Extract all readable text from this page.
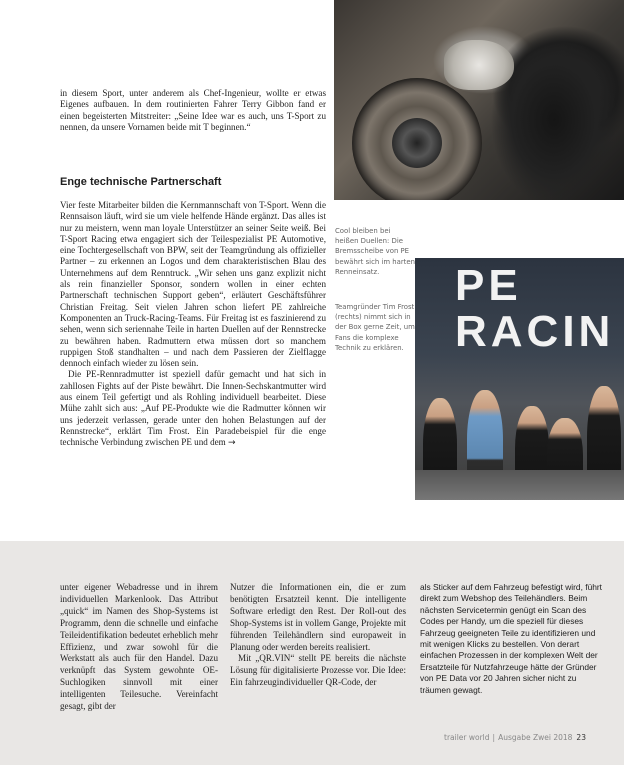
in diesem Sport, unter anderem als Chef-Ingenieur, wollte er etwas Eigenes aufbauen. In dem routinierten Fahrer Terry Gibbon fand er einen begeisterten Mitstreiter: „Seine Idee war es auch, uns T-Sport zu nennen, da unsere Vornamen beide mit T beginnen.“

Enge technische Partnerschaft

Vier feste Mitarbeiter bilden die Kernmannschaft von T-Sport. Wenn die Rennsaison läuft, wird sie um viele helfende Hände ergänzt. Das alles ist nur zu meistern, wenn man loyale Unterstützer an seiner Seite weiß. Bei T-Sport Racing etwa engagiert sich der Teilespezialist PE Automotive, eine Tochtergesellschaft von BPW, seit der Teamgründung als offizieller Partner – zu erkennen an Logos und dem charakteristischen Blau des Unternehmens auf dem Renntruck. „Wir sehen uns ganz explizit nicht als rein finanzieller Sponsor, sondern wollen in einer echten Partnerschaft technischen Support geben“, erläutert Geschäftsführer Christian Freitag. Seit vielen Jahren schon liefert PE zahlreiche Komponenten an Truck-Racing-Teams. Für Freitag ist es faszinierend zu sehen, wenn sich seriennahe Teile in harten Duellen auf der Rennstrecke zu bewähren haben. Radmuttern etwa müssen dort so manchem ruppigen Stoß standhalten – und nach dem Passieren der Zielflagge dennoch einfach wieder zu lösen sein.

Die PE-Rennradmutter ist speziell dafür gemacht und hat sich in zahllosen Fights auf der Piste bewährt. Die Innen-Sechskantmutter wird aus einem Teil gefertigt und als Rohling individuell bearbeitet. Diese Mühe zahlt sich aus: „Auf PE-Produkte wie die Radmutter können wir uns jederzeit verlassen, gerade unter den hohen Belastungen auf der Rennstrecke“, erklärt Tim Frost. Ein Paradebeispiel für die enge technische Verbindung zwischen PE und dem →

Cool bleiben bei heißen Duellen: Die Bremsscheibe von PE bewährt sich im harten Renneinsatz.
Teamgründer Tim Frost (rechts) nimmt sich in der Box gerne Zeit, um Fans die komplexe Technik zu erklären.
PE
RACIN

unter eigener Webadresse und in ihrem individuellen Markenlook. Das Attribut „quick“ im Namen des Shop-Systems ist Programm, denn die schnelle und einfache Teileidentifikation bedeutet erheblich mehr Effizienz, und zwar sowohl für die Werkstatt als auch für den Handel. Dazu verknüpft das System gewohnte OE-Suchlogiken sinnvoll mit einer intelligenten Teilesuche. Vereinfacht gesagt, gibt der

Nutzer die Informationen ein, die er zum benötigten Ersatzteil kennt. Die intelligente Software erledigt den Rest. Der Roll-out des Shop-Systems ist in vollem Gange, Projekte mit führenden Teilehändlern sind europaweit in Planung oder werden bereits realisiert.

Mit „QR.VIN“ stellt PE bereits die nächste Lösung für digitalisierte Prozesse vor. Die Idee: Ein fahrzeugindividueller QR-Code, der

als Sticker auf dem Fahrzeug befestigt wird, führt direkt zum Webshop des Teilehändlers. Beim nächsten Servicetermin genügt ein Scan des Codes per Handy, um die speziell für dieses Fahrzeug geeigneten Teile zu identifizieren und mit wenigen Klicks zu bestellen. Von derart einfachen Prozessen in der komplexen Welt der Ersatzteile für Nutzfahrzeuge hätte der Gründer von PE Data vor 20 Jahren sicher nicht zu träumen gewagt.

trailer world | Ausgabe Zwei 2018 23
